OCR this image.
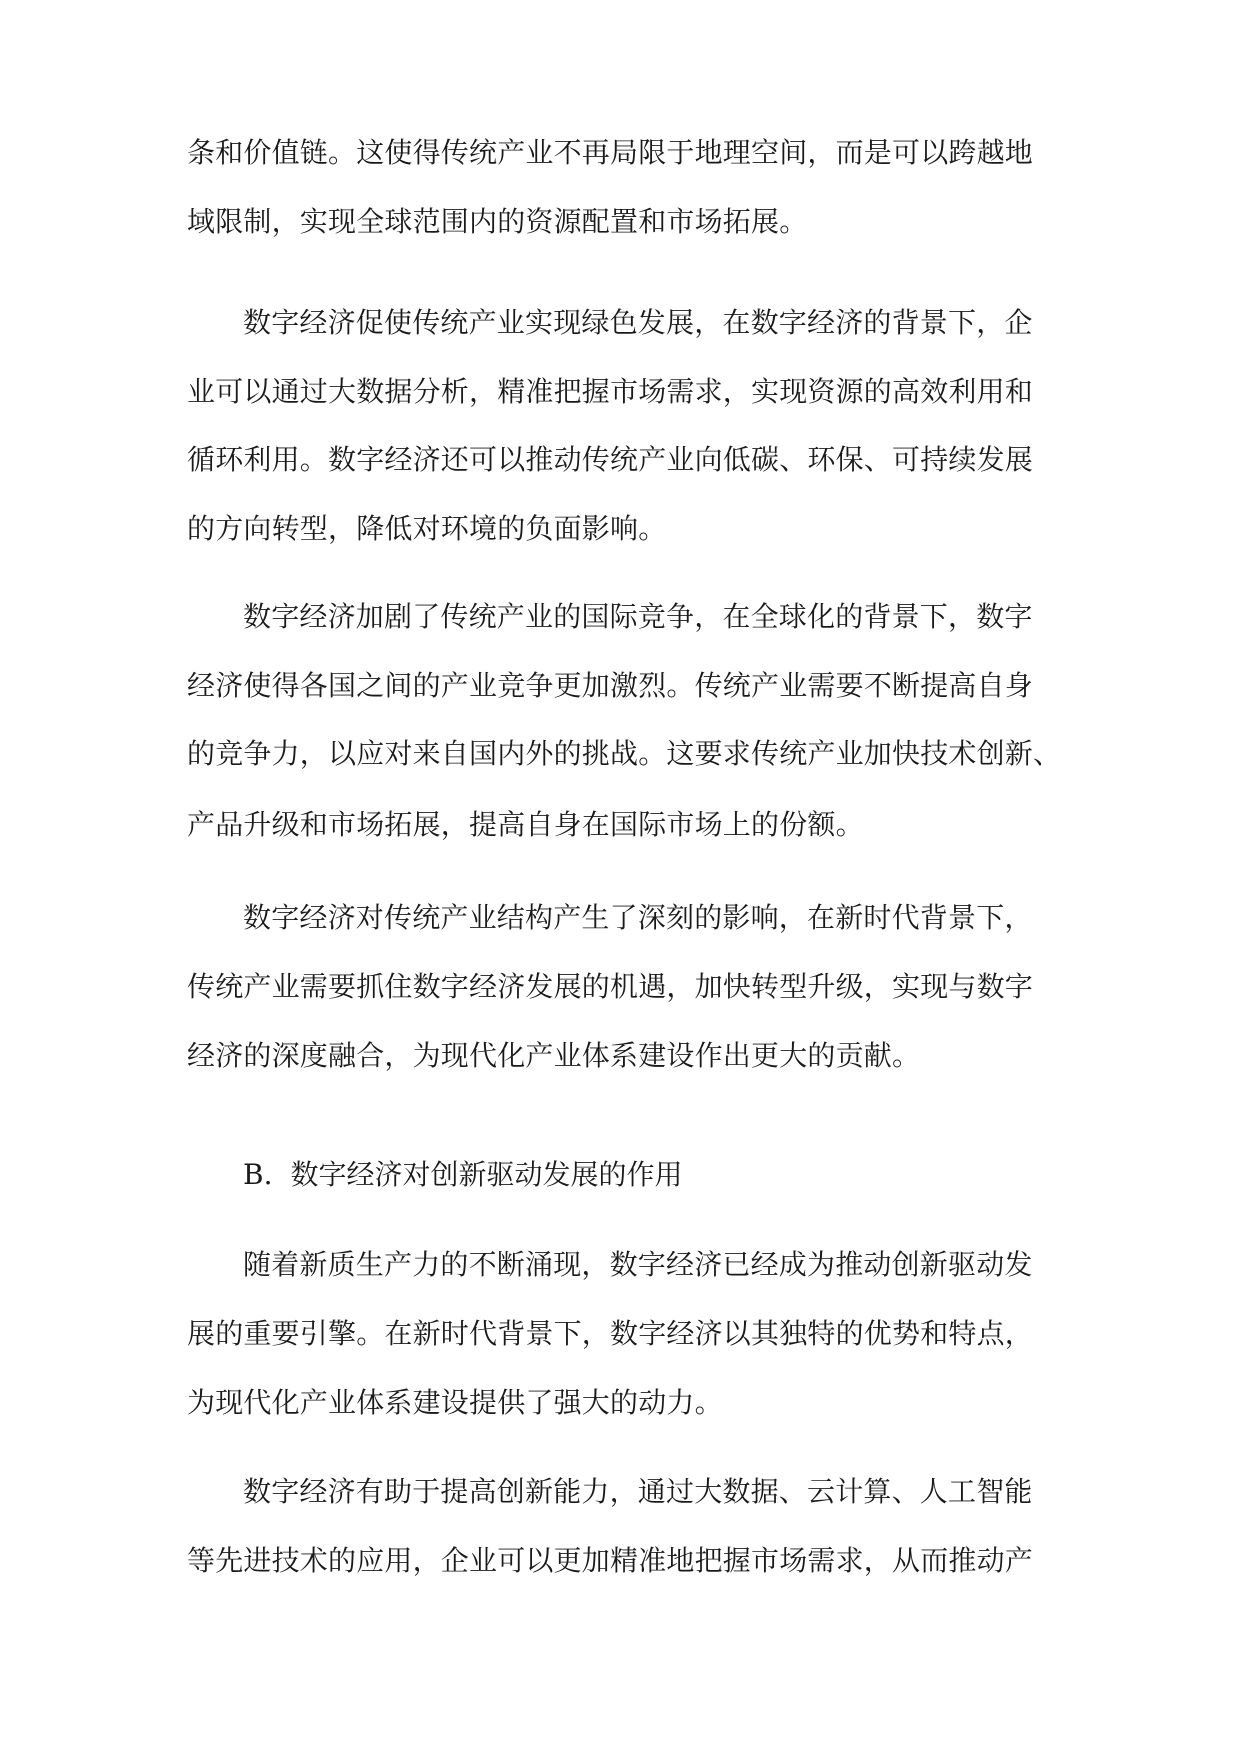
条和价值链。这使得传统产业不再局限于地理空间，而是可以跨越地
域限制，实现全球范围内的资源配置和市场拓展。
数字经济促使传统产业实现绿色发展，在数字经济的背景下，企
业可以通过大数据分析，精准把握市场需求，实现资源的高效利用和
循环利用。数字经济还可以推动传统产业向低碳、环保、可持续发展
的方向转型，降低对环境的负面影响。
数字经济加剧了传统产业的国际竞争，在全球化的背景下，数字
经济使得各国之间的产业竞争更加激烈。传统产业需要不断提高自身
的竞争力，以应对来自国内外的挑战。这要求传统产业加快技术创新、
产品升级和市场拓展，提高自身在国际市场上的份额。
数字经济对传统产业结构产生了深刻的影响，在新时代背景下，
传统产业需要抓住数字经济发展的机遇，加快转型升级，实现与数字
经济的深度融合，为现代化产业体系建设作出更大的贡献。
B. 数字经济对创新驱动发展的作用
随着新质生产力的不断涌现，数字经济已经成为推动创新驱动发
展的重要引擎。在新时代背景下，数字经济以其独特的优势和特点，
为现代化产业体系建设提供了强大的动力。
数字经济有助于提高创新能力，通过大数据、云计算、人工智能
等先进技术的应用，企业可以更加精准地把握市场需求，从而推动产
